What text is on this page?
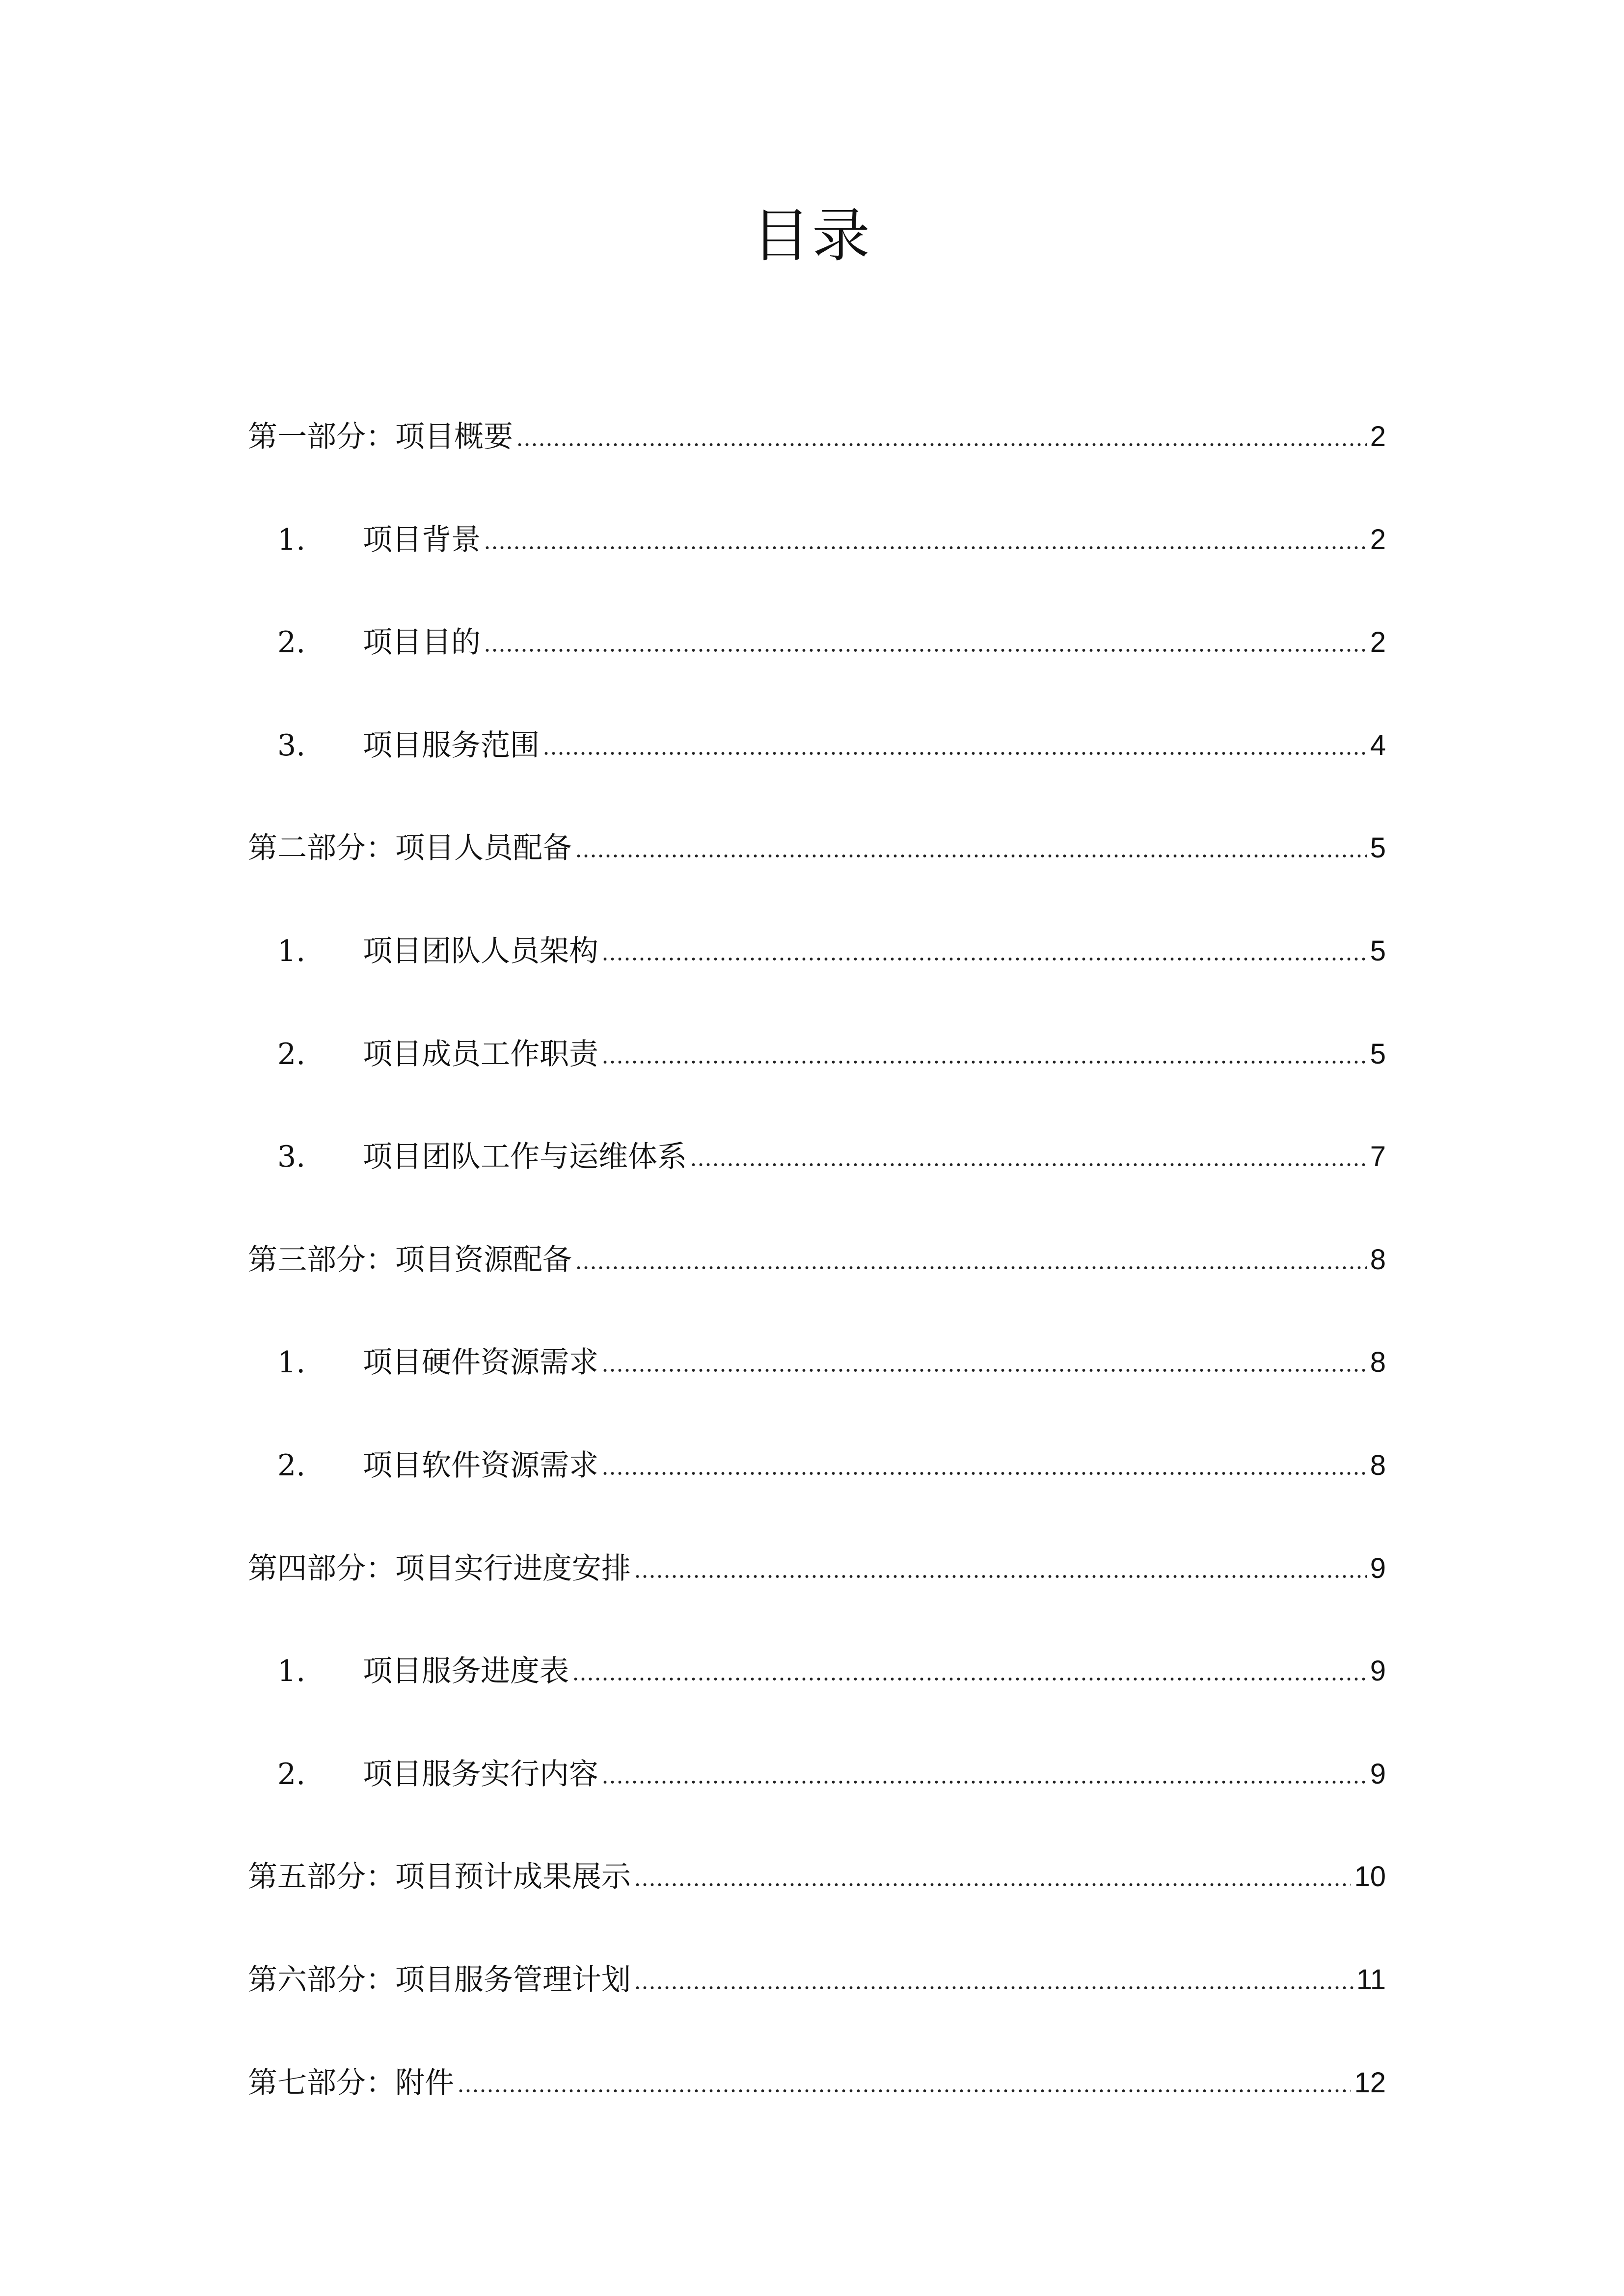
目录
第一部分：项目概要	2
1.	项目背景	2
2.	项目目的	2
3.	项目服务范围	4
第二部分：项目人员配备	5
1.	项目团队人员架构	5
2.	项目成员工作职责	5
3.	项目团队工作与运维体系	7
第三部分：项目资源配备	8
1.	项目硬件资源需求	8
2.	项目软件资源需求	8
第四部分：项目实行进度安排	9
1.	项目服务进度表	9
2.	项目服务实行内容	9
第五部分：项目预计成果展示	10
第六部分：项目服务管理计划	11
第七部分：附件	12
